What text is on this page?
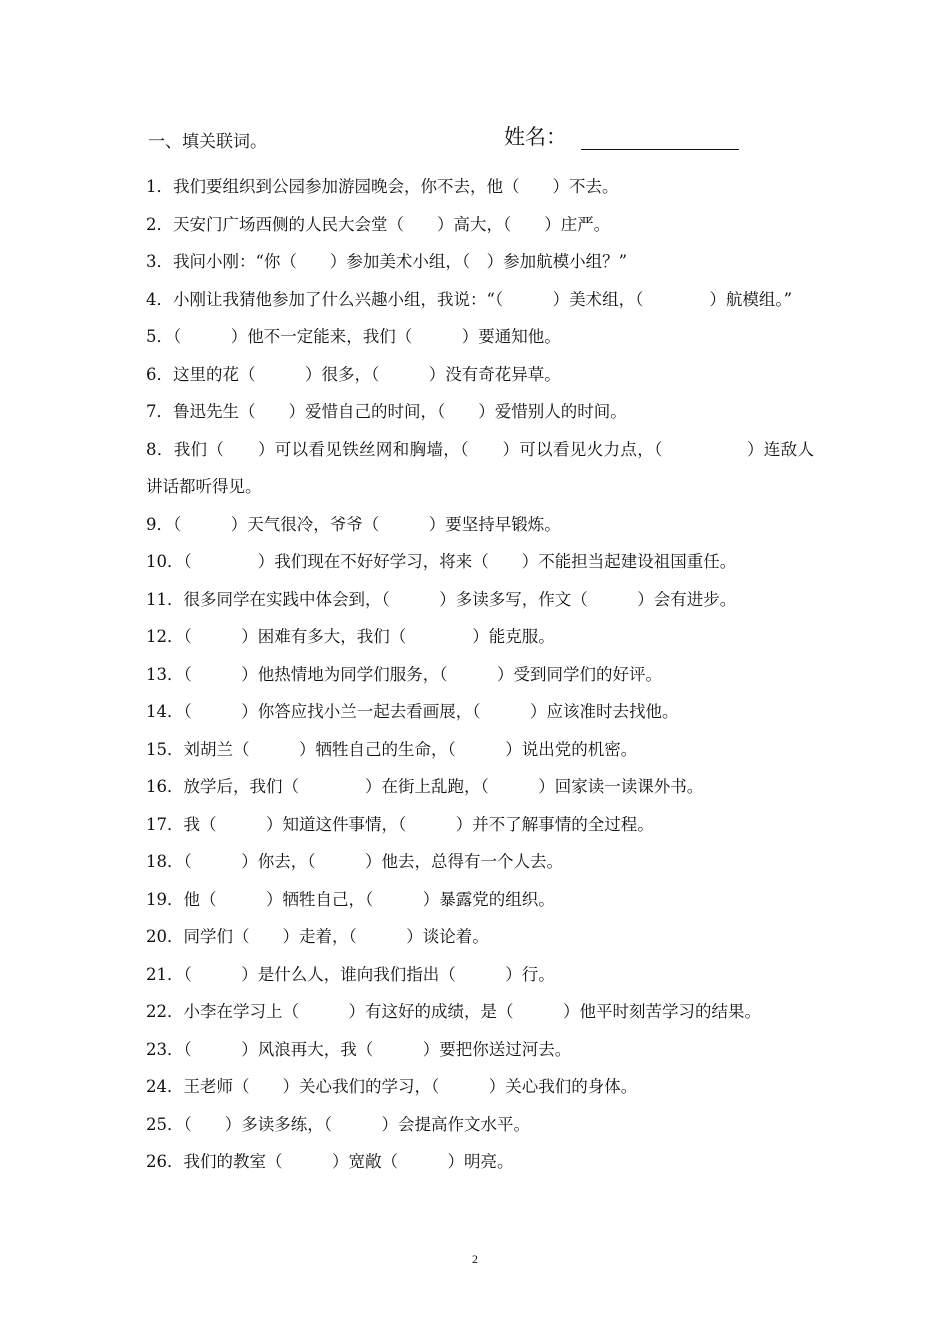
一、填关联词。	姓名：

1．我们要组织到公园参加游园晚会，你不去，他（　　）不去。

2．天安门广场西侧的人民大会堂（　　）高大，（　　）庄严。

3．我问小刚：“你（　　）参加美术小组，（　）参加航模小组？”

4．小刚让我猜他参加了什么兴趣小组，我说：“（　　　）美术组，（　　　　）航模组。”

5．（　　　）他不一定能来，我们（　　　）要通知他。

6．这里的花（　　　）很多，（　　　）没有奇花异草。

7．鲁迅先生（　　）爱惜自己的时间，（　　）爱惜别人的时间。

8．我们（　　）可以看见铁丝网和胸墙，（　　）可以看见火力点，（　　　　　）连敌人讲话都听得见。

9．（　　　）天气很冷，爷爷（　　　）要坚持早锻炼。

10．（　　　　）我们现在不好好学习，将来（　　）不能担当起建设祖国重任。

11．很多同学在实践中体会到，（　　　）多读多写，作文（　　　）会有进步。

12．（　　　）困难有多大，我们（　　　　）能克服。

13．（　　　）他热情地为同学们服务，（　　　）受到同学们的好评。

14．（　　　）你答应找小兰一起去看画展，（　　　）应该准时去找他。

15．刘胡兰（　　　）牺牲自己的生命，（　　　）说出党的机密。

16．放学后，我们（　　　　）在街上乱跑，（　　　）回家读一读课外书。

17．我（　　　）知道这件事情，（　　　）并不了解事情的全过程。

18．（　　　）你去，（　　　）他去，总得有一个人去。

19．他（　　　）牺牲自己，（　　　）暴露党的组织。

20．同学们（　　）走着，（　　　）谈论着。

21．（　　　）是什么人，谁向我们指出（　　　）行。

22．小李在学习上（　　　）有这好的成绩，是（　　　）他平时刻苦学习的结果。

23．（　　　）风浪再大，我（　　　）要把你送过河去。

24．王老师（　　）关心我们的学习，（　　　）关心我们的身体。

25．（　　）多读多练，（　　　）会提高作文水平。

26．我们的教室（　　　）宽敞（　　　）明亮。

2
